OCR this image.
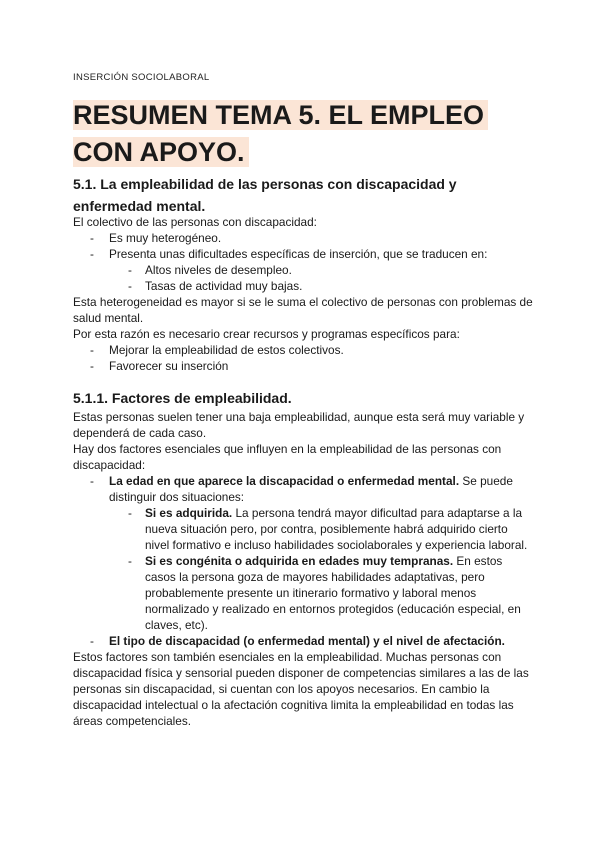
INSERCIÓN SOCIOLABORAL
RESUMEN TEMA 5. EL EMPLEO
CON APOYO.
5.1. La empleabilidad de las personas con discapacidad y
enfermedad mental.

El colectivo de las personas con discapacidad:

- Es muy heterogéneo.

- Presenta unas dificultades específicas de inserción, que se traducen en:

- Altos niveles de desempleo.

- Tasas de actividad muy bajas.

Esta heterogeneidad es mayor si se le suma el colectivo de personas con problemas de salud mental.

Por esta razón es necesario crear recursos y programas específicos para:

- Mejorar la empleabilidad de estos colectivos.

- Favorecer su inserción

5.1.1. Factores de empleabilidad.

Estas personas suelen tener una baja empleabilidad, aunque esta será muy variable y dependerá de cada caso.

Hay dos factores esenciales que influyen en la empleabilidad de las personas con discapacidad:

- La edad en que aparece la discapacidad o enfermedad mental. Se puede distinguir dos situaciones:

- Si es adquirida. La persona tendrá mayor dificultad para adaptarse a la nueva situación pero, por contra, posiblemente habrá adquirido cierto nivel formativo e incluso habilidades sociolaborales y experiencia laboral.

- Si es congénita o adquirida en edades muy tempranas. En estos casos la persona goza de mayores habilidades adaptativas, pero probablemente presente un itinerario formativo y laboral menos normalizado y realizado en entornos protegidos (educación especial, en claves, etc).

- El tipo de discapacidad (o enfermedad mental) y el nivel de afectación.

Estos factores son también esenciales en la empleabilidad. Muchas personas con discapacidad física y sensorial pueden disponer de competencias similares a las de las personas sin discapacidad, si cuentan con los apoyos necesarios. En cambio la discapacidad intelectual o la afectación cognitiva limita la empleabilidad en todas las áreas competenciales.
